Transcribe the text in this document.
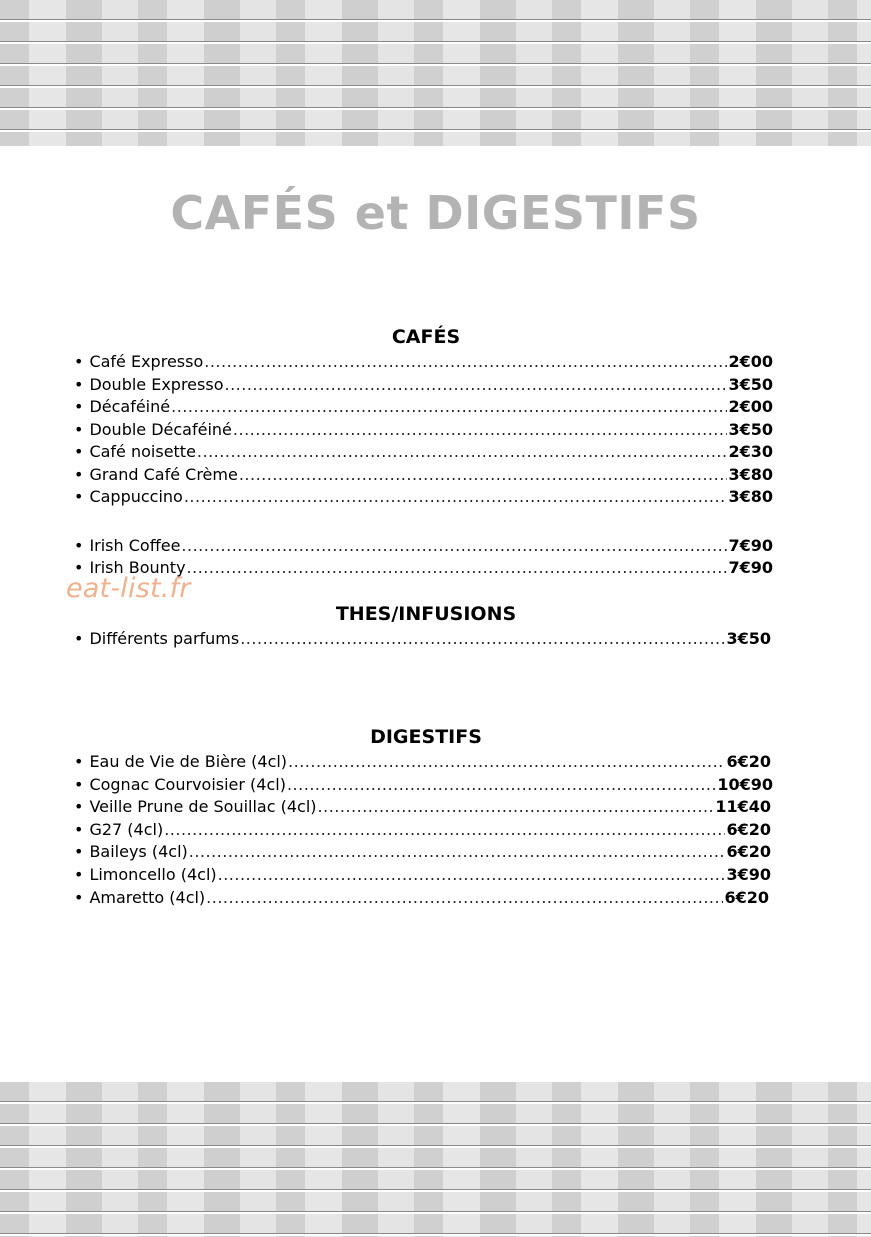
CAFÉS et DIGESTIFS
CAFÉS
• Café Expresso .....	2€00
• Double Expresso .....	3€50
• Décaféiné .....	2€00
• Double Décaféiné .....	3€50
• Café noisette .....	2€30
• Grand Café Crème .....	3€80
• Cappuccino .....	3€80
• Irish Coffee .....	7€90
• Irish Bounty .....	7€90
eat-list.fr
THES/INFUSIONS
• Différents parfums .....	3€50
DIGESTIFS
• Eau de Vie de Bière (4cl) .....	6€20
• Cognac Courvoisier (4cl) .....	10€90
• Veille Prune de Souillac (4cl) .....	11€40
• G27 (4cl) .....	6€20
• Baileys (4cl) .....	6€20
• Limoncello (4cl) .....	3€90
• Amaretto (4cl) .....	6€20
